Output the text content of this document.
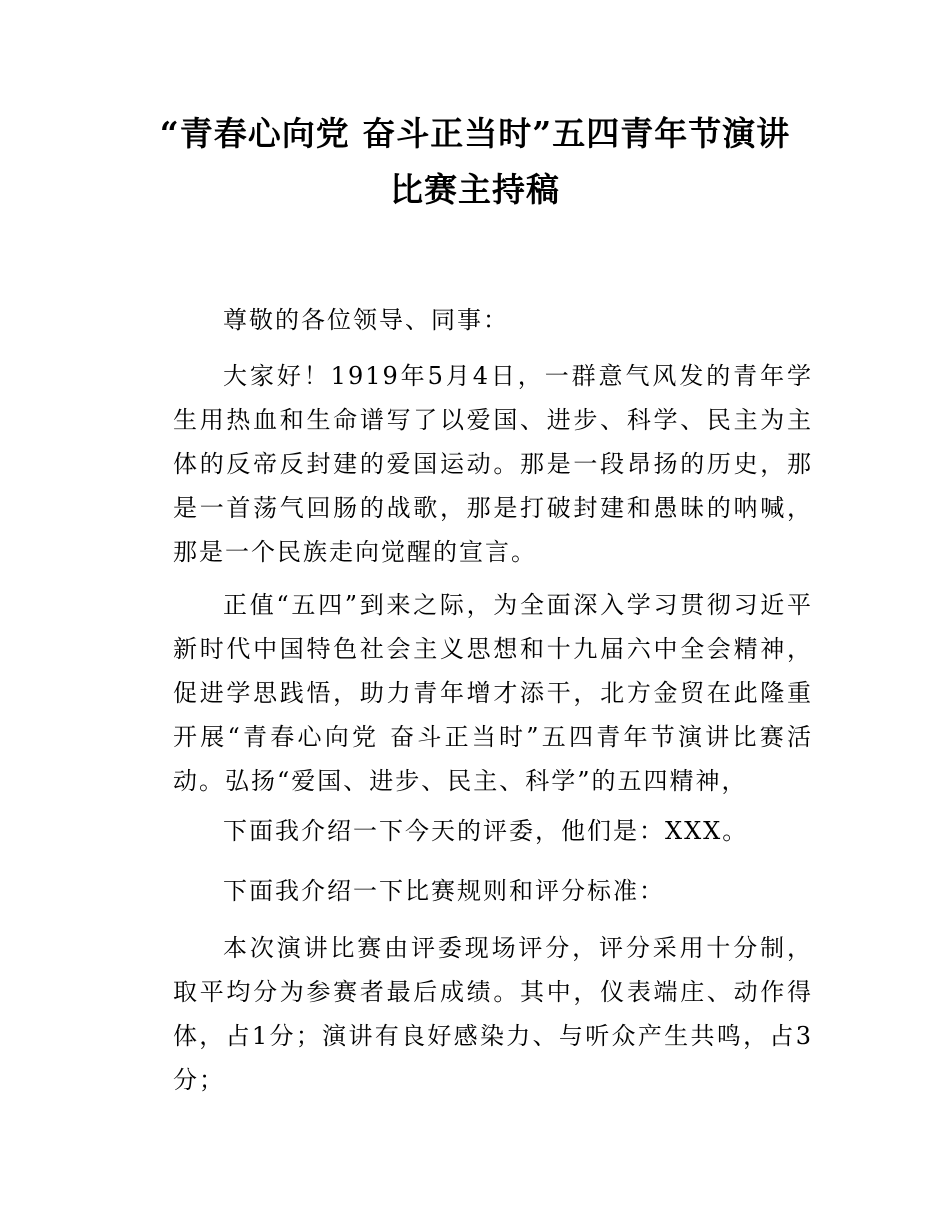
“青春心向党 奋斗正当时”五四青年节演讲
比赛主持稿

尊敬的各位领导、同事：

大家好！1919年5月4日，一群意气风发的青年学生用热血和生命谱写了以爱国、进步、科学、民主为主体的反帝反封建的爱国运动。那是一段昂扬的历史，那是一首荡气回肠的战歌，那是打破封建和愚昧的呐喊，那是一个民族走向觉醒的宣言。

正值“五四”到来之际，为全面深入学习贯彻习近平新时代中国特色社会主义思想和十九届六中全会精神，促进学思践悟，助力青年增才添干，北方金贸在此隆重开展“青春心向党 奋斗正当时”五四青年节演讲比赛活动。弘扬“爱国、进步、民主、科学”的五四精神，

下面我介绍一下今天的评委，他们是：XXX。

下面我介绍一下比赛规则和评分标准：

本次演讲比赛由评委现场评分，评分采用十分制，取平均分为参赛者最后成绩。其中，仪表端庄、动作得体，占1分；演讲有良好感染力、与听众产生共鸣，占3分；
